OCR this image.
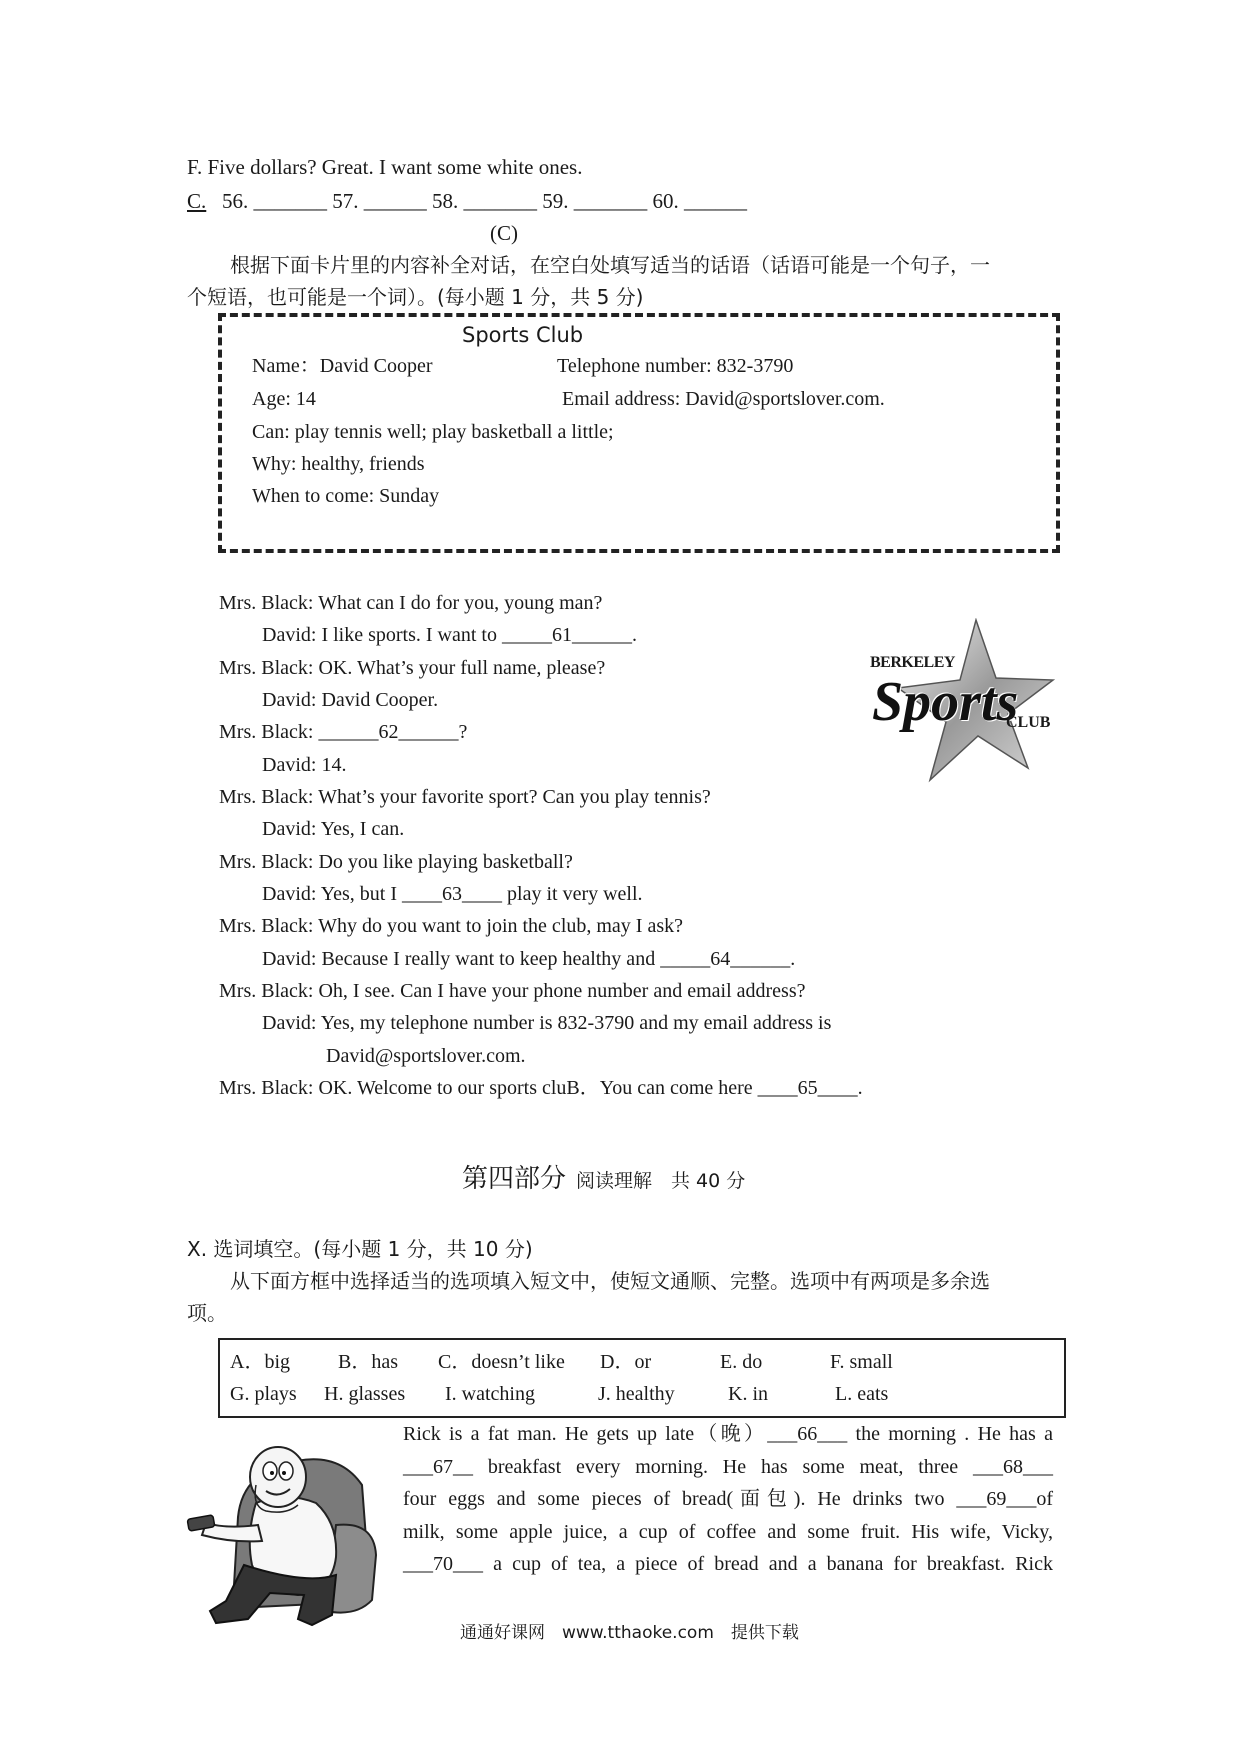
F. Five dollars? Great. I want some white ones.
C. 56. _______ 57. ______ 58. _______ 59. _______ 60. ______
(C)
根据下面卡片里的内容补全对话，在空白处填写适当的话语（话语可能是一个句子，一
个短语，也可能是一个词）。(每小题 1 分，共 5 分)
Sports Club
Name：David Cooper	Telephone number: 832-3790
Age: 14	Email address: David@sportslover.com.
Can: play tennis well; play basketball a little;
Why: healthy, friends
When to come: Sunday
BERKELEY
Sports
CLUB
Mrs. Black: What can I do for you, young man?
David: I like sports. I want to _____61______.
Mrs. Black: OK. What’s your full name, please?
David: David Cooper.
Mrs. Black: ______62______?
David: 14.
Mrs. Black: What’s your favorite sport? Can you play tennis?
David: Yes, I can.
Mrs. Black: Do you like playing basketball?
David: Yes, but I ____63____ play it very well.
Mrs. Black: Why do you want to join the club, may I ask?
David: Because I really want to keep healthy and _____64______.
Mrs. Black: Oh, I see. Can I have your phone number and email address?
David: Yes, my telephone number is 832-3790 and my email address is
David@sportslover.com.
Mrs. Black: OK. Welcome to our sports cluB．You can come here ____65____.
第四部分 阅读理解　共 40 分
X. 选词填空。(每小题 1 分，共 10 分)
从下面方框中选择适当的选项填入短文中，使短文通顺、完整。选项中有两项是多余选
项。
A．big B．has C．doesn’t like D．or	E. do	F. small
G. plays H. glasses I. watching	J. healthy	K. in	L. eats
Rick is a fat man. He gets up late（晚）___66___ the morning . He has a
___67__ breakfast every morning. He has some meat, three ___68___
four eggs and some pieces of bread(面包). He drinks two ___69___of
milk, some apple juice, a cup of coffee and some fruit. His wife, Vicky,
___70___ a cup of tea, a piece of bread and a banana for breakfast. Rick
通通好课网　www.tthaoke.com　提供下载
